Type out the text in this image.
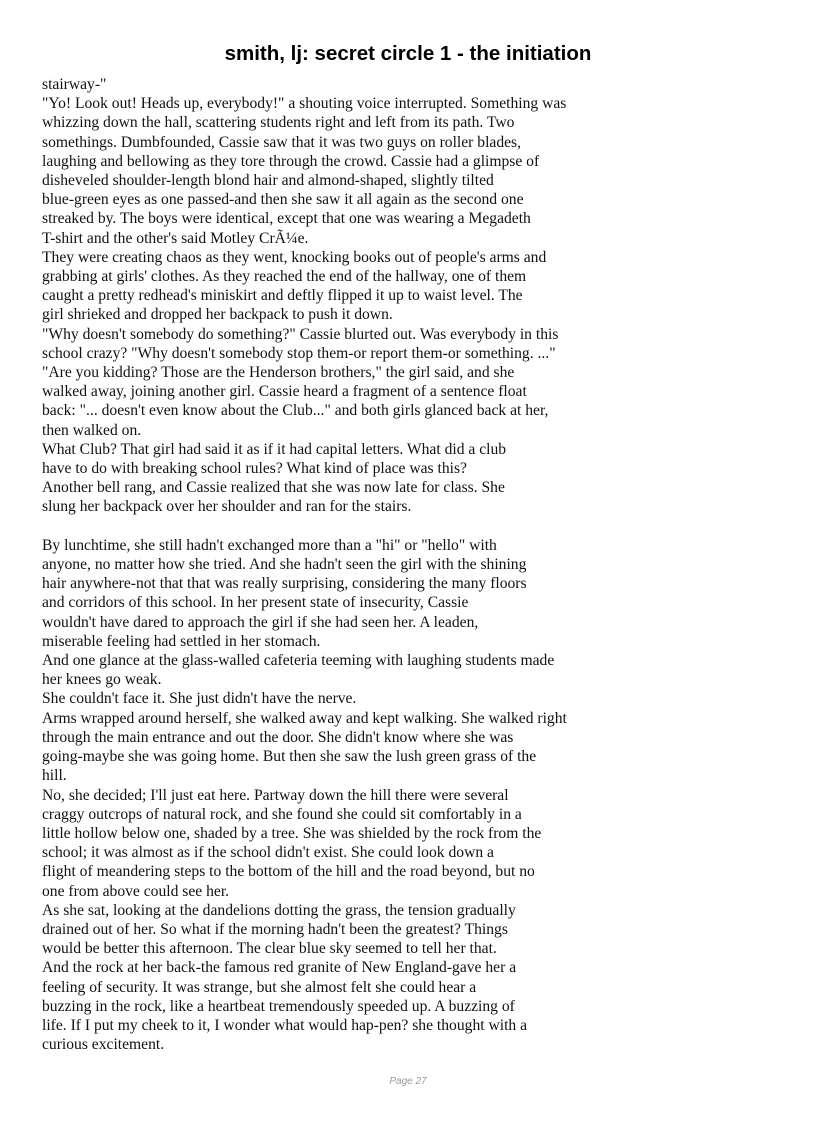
smith, lj: secret circle 1 - the initiation
stairway-"
"Yo! Look out! Heads up, everybody!" a shouting voice interrupted. Something was
whizzing down the hall, scattering students right and left from its path. Two
somethings. Dumbfounded, Cassie saw that it was two guys on roller blades,
laughing and bellowing as they tore through the crowd. Cassie had a glimpse of
disheveled shoulder-length blond hair and almond-shaped, slightly tilted
blue-green eyes as one passed-and then she saw it all again as the second one
streaked by. The boys were identical, except that one was wearing a Megadeth
T-shirt and the other's said Motley CrÃ¼e.
They were creating chaos as they went, knocking books out of people's arms and
grabbing at girls' clothes. As they reached the end of the hallway, one of them
caught a pretty redhead's miniskirt and deftly flipped it up to waist level. The
girl shrieked and dropped her backpack to push it down.
"Why doesn't somebody do something?" Cassie blurted out. Was everybody in this
school crazy? "Why doesn't somebody stop them-or report them-or something. ..."
"Are you kidding? Those are the Henderson brothers," the girl said, and she
walked away, joining another girl. Cassie heard a fragment of a sentence float
back: "... doesn't even know about the Club..." and both girls glanced back at her,
then walked on.
What Club? That girl had said it as if it had capital letters. What did a club
have to do with breaking school rules? What kind of place was this?
Another bell rang, and Cassie realized that she was now late for class. She
slung her backpack over her shoulder and ran for the stairs.
By lunchtime, she still hadn't exchanged more than a "hi" or "hello" with
anyone, no matter how she tried. And she hadn't seen the girl with the shining
hair anywhere-not that that was really surprising, considering the many floors
and corridors of this school. In her present state of insecurity, Cassie
wouldn't have dared to approach the girl if she had seen her. A leaden,
miserable feeling had settled in her stomach.
And one glance at the glass-walled cafeteria teeming with laughing students made
her knees go weak.
She couldn't face it. She just didn't have the nerve.
Arms wrapped around herself, she walked away and kept walking. She walked right
through the main entrance and out the door. She didn't know where she was
going-maybe she was going home. But then she saw the lush green grass of the
hill.
No, she decided; I'll just eat here. Partway down the hill there were several
craggy outcrops of natural rock, and she found she could sit comfortably in a
little hollow below one, shaded by a tree. She was shielded by the rock from the
school; it was almost as if the school didn't exist. She could look down a
flight of meandering steps to the bottom of the hill and the road beyond, but no
one from above could see her.
As she sat, looking at the dandelions dotting the grass, the tension gradually
drained out of her. So what if the morning hadn't been the greatest? Things
would be better this afternoon. The clear blue sky seemed to tell her that.
And the rock at her back-the famous red granite of New England-gave her a
feeling of security. It was strange, but she almost felt she could hear a
buzzing in the rock, like a heartbeat tremendously speeded up. A buzzing of
life. If I put my cheek to it, I wonder what would hap-pen? she thought with a
curious excitement.
Page 27
